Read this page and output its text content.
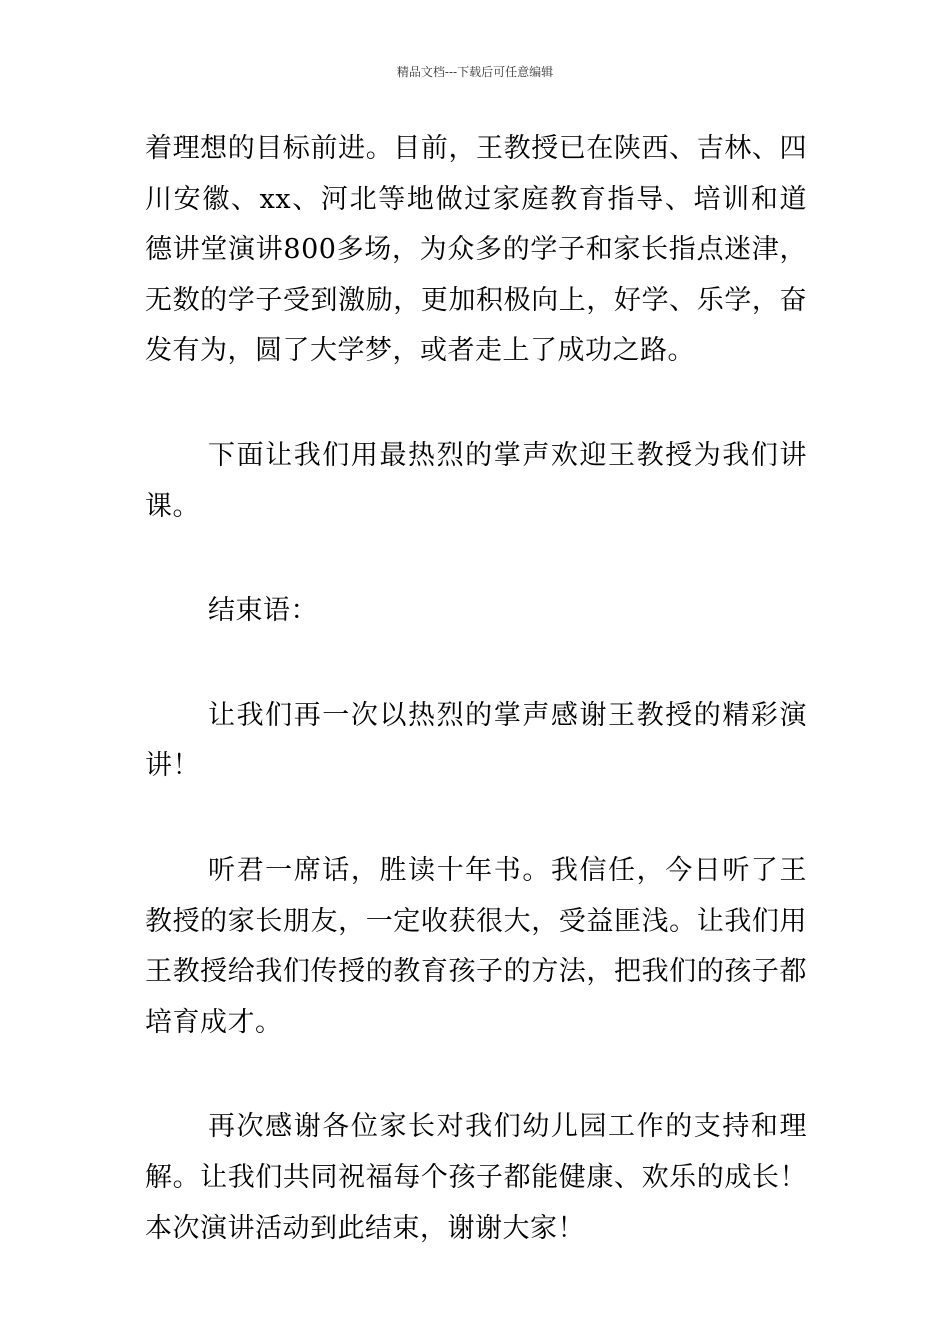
精品文档---下载后可任意编辑

着理想的目标前进。目前，王教授已在陕西、吉林、四川安徽、xx、河北等地做过家庭教育指导、培训和道德讲堂演讲800多场，为众多的学子和家长指点迷津，无数的学子受到激励，更加积极向上，好学、乐学，奋发有为，圆了大学梦，或者走上了成功之路。

下面让我们用最热烈的掌声欢迎王教授为我们讲课。

结束语：

让我们再一次以热烈的掌声感谢王教授的精彩演讲！

听君一席话，胜读十年书。我信任，今日听了王教授的家长朋友，一定收获很大，受益匪浅。让我们用王教授给我们传授的教育孩子的方法，把我们的孩子都培育成才。

再次感谢各位家长对我们幼儿园工作的支持和理解。让我们共同祝福每个孩子都能健康、欢乐的成长！本次演讲活动到此结束，谢谢大家！
